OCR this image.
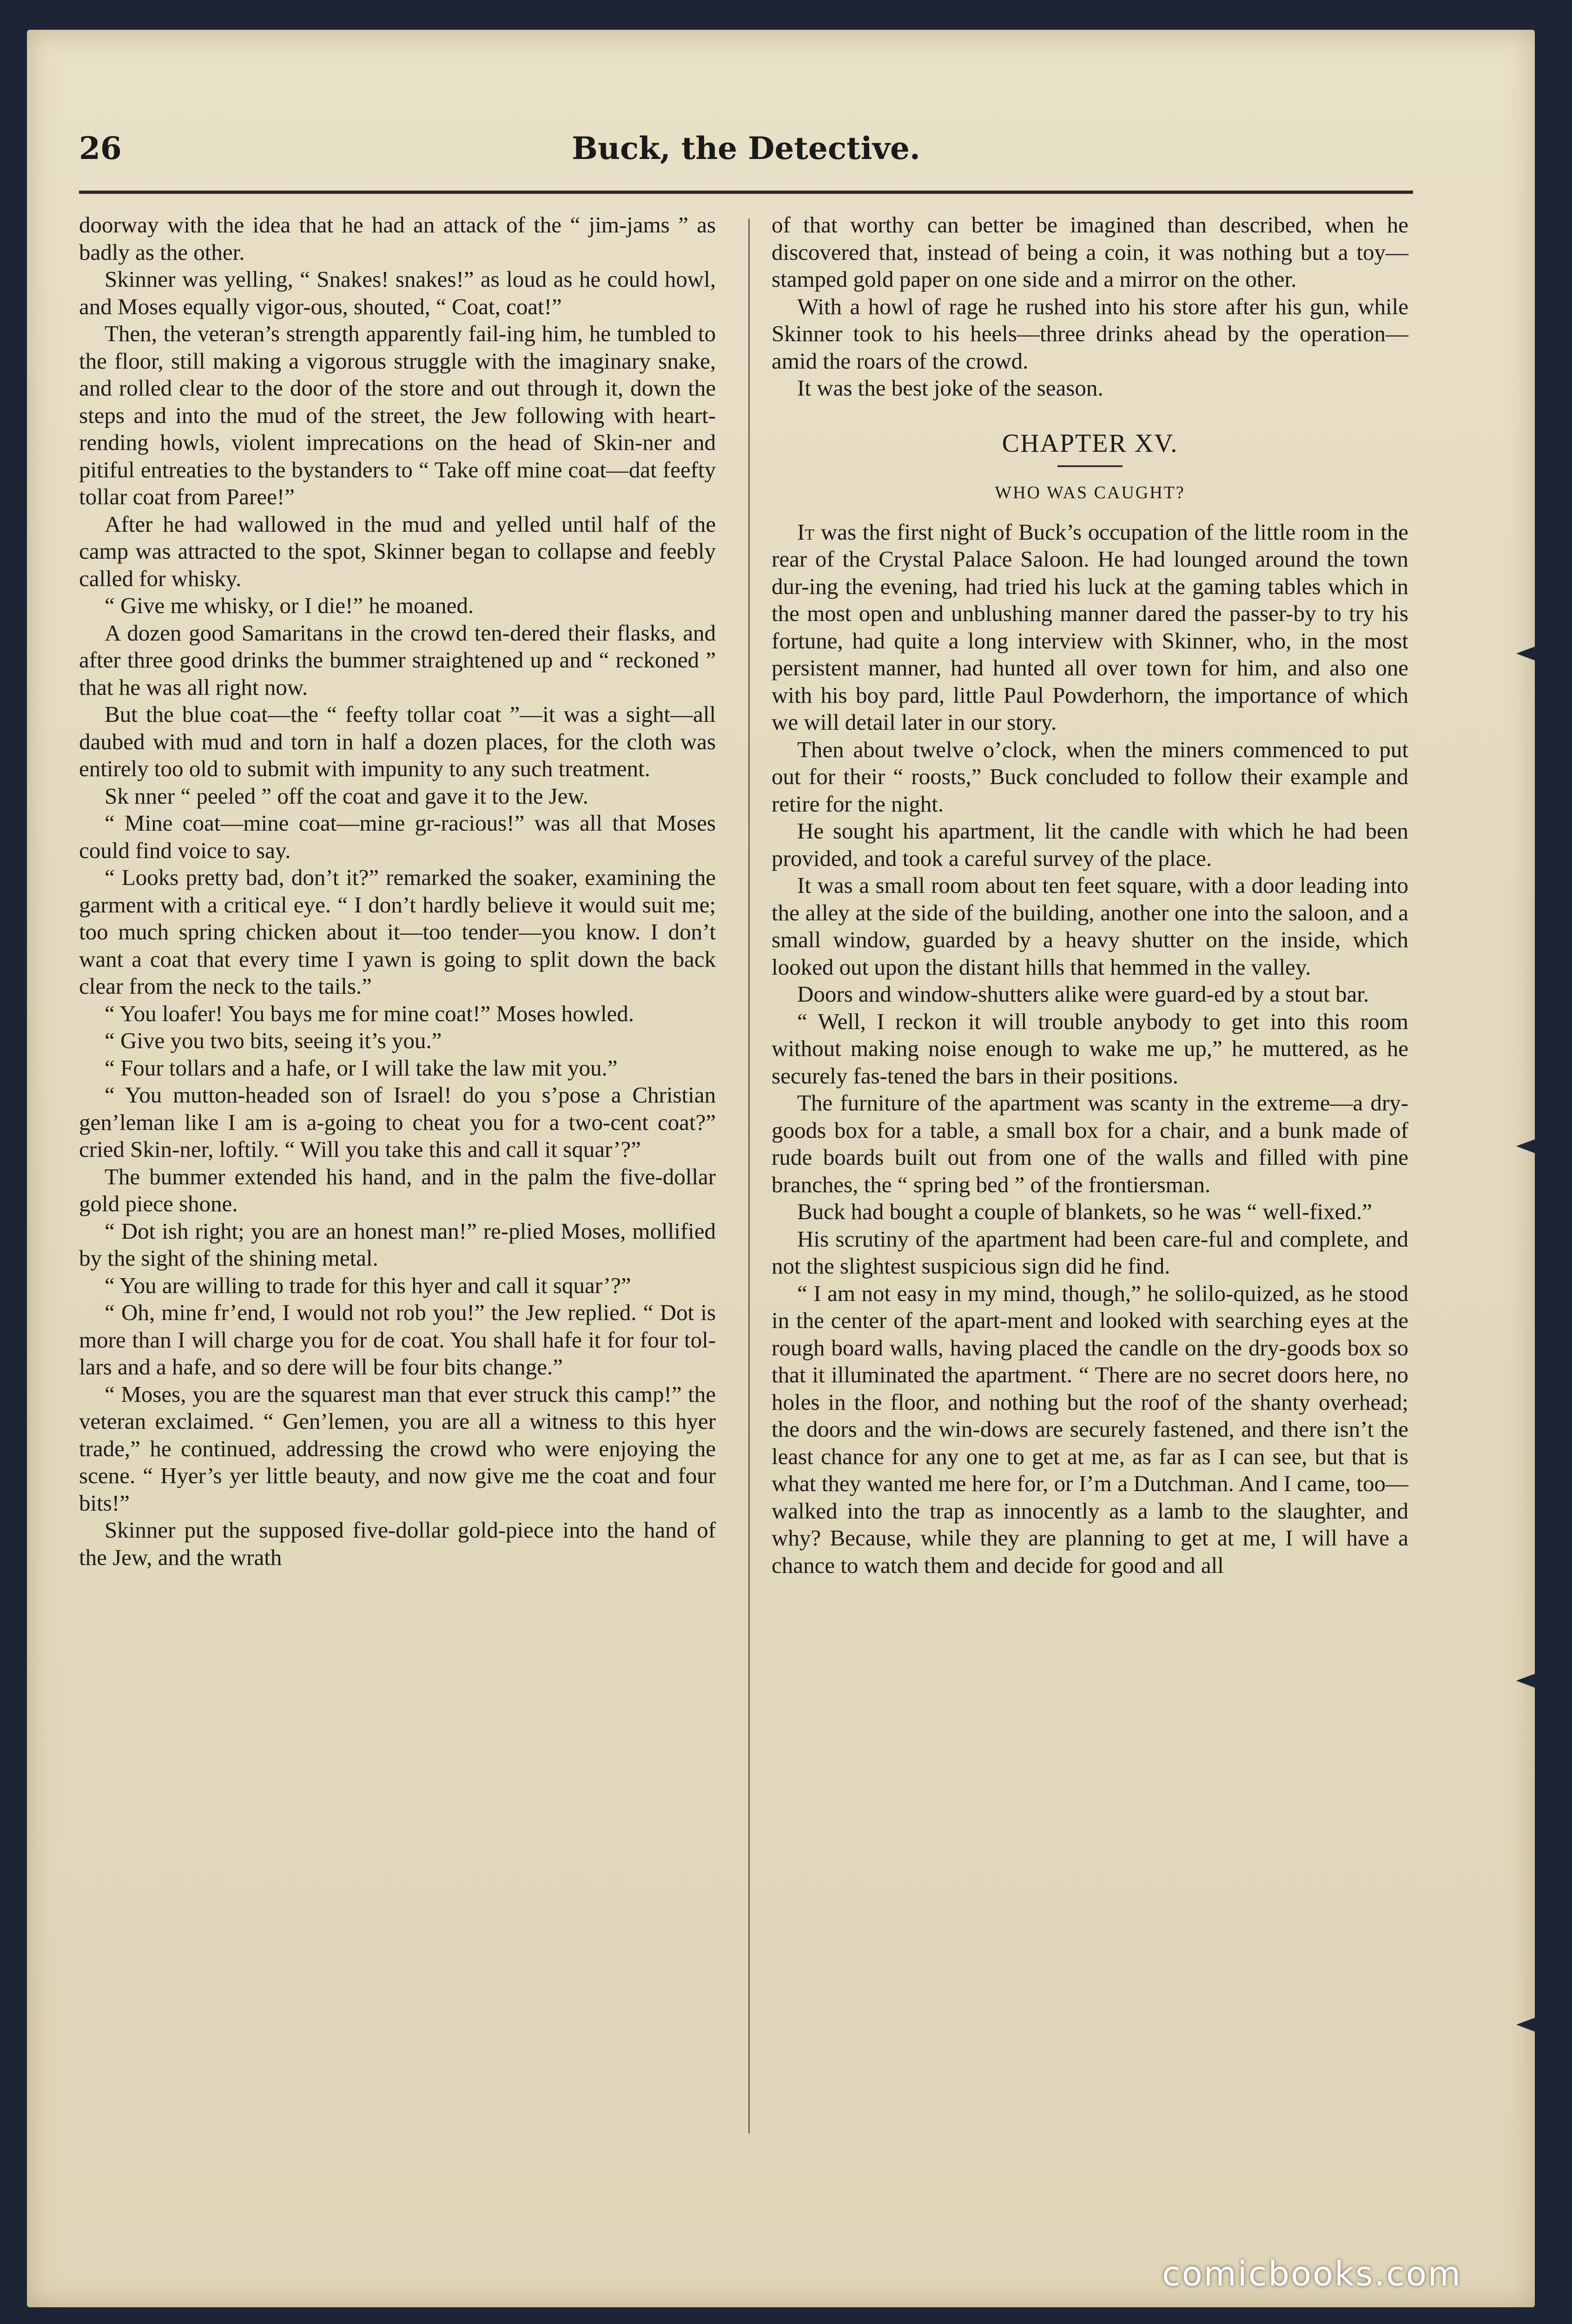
26	Buck, the Detective.

doorway with the idea that he had an attack of the “ jim-jams ” as badly as the other.

Skinner was yelling, “ Snakes! snakes!” as loud as he could howl, and Moses equally vigor-ous, shouted, “ Coat, coat!”

Then, the veteran’s strength apparently fail-ing him, he tumbled to the floor, still making a vigorous struggle with the imaginary snake, and rolled clear to the door of the store and out through it, down the steps and into the mud of the street, the Jew following with heart-rending howls, violent imprecations on the head of Skin-ner and pitiful entreaties to the bystanders to “ Take off mine coat—dat feefty tollar coat from Paree!”

After he had wallowed in the mud and yelled until half of the camp was attracted to the spot, Skinner began to collapse and feebly called for whisky.

“ Give me whisky, or I die!” he moaned.

A dozen good Samaritans in the crowd ten-dered their flasks, and after three good drinks the bummer straightened up and “ reckoned ” that he was all right now.

But the blue coat—the “ feefty tollar coat ”—it was a sight—all daubed with mud and torn in half a dozen places, for the cloth was entirely too old to submit with impunity to any such treatment.

Sk nner “ peeled ” off the coat and gave it to the Jew.

“ Mine coat—mine coat—mine gr-racious!” was all that Moses could find voice to say.

“ Looks pretty bad, don’t it?” remarked the soaker, examining the garment with a critical eye. “ I don’t hardly believe it would suit me; too much spring chicken about it—too tender—you know. I don’t want a coat that every time I yawn is going to split down the back clear from the neck to the tails.”

“ You loafer! You bays me for mine coat!” Moses howled.

“ Give you two bits, seeing it’s you.”

“ Four tollars and a hafe, or I will take the law mit you.”

“ You mutton-headed son of Israel! do you s’pose a Christian gen’leman like I am is a-going to cheat you for a two-cent coat?” cried Skin-ner, loftily. “ Will you take this and call it squar’?”

The bummer extended his hand, and in the palm the five-dollar gold piece shone.

“ Dot ish right; you are an honest man!” re-plied Moses, mollified by the sight of the shining metal.

“ You are willing to trade for this hyer and call it squar’?”

“ Oh, mine fr’end, I would not rob you!” the Jew replied. “ Dot is more than I will charge you for de coat. You shall hafe it for four tol-lars and a hafe, and so dere will be four bits change.”

“ Moses, you are the squarest man that ever struck this camp!” the veteran exclaimed. “ Gen’lemen, you are all a witness to this hyer trade,” he continued, addressing the crowd who were enjoying the scene. “ Hyer’s yer little beauty, and now give me the coat and four bits!”

Skinner put the supposed five-dollar gold-piece into the hand of the Jew, and the wrath

of that worthy can better be imagined than described, when he discovered that, instead of being a coin, it was nothing but a toy—stamped gold paper on one side and a mirror on the other.

With a howl of rage he rushed into his store after his gun, while Skinner took to his heels—three drinks ahead by the operation—amid the roars of the crowd.

It was the best joke of the season.

CHAPTER XV.
WHO WAS CAUGHT?

It was the first night of Buck’s occupation of the little room in the rear of the Crystal Palace Saloon. He had lounged around the town dur-ing the evening, had tried his luck at the gaming tables which in the most open and unblushing manner dared the passer-by to try his fortune, had quite a long interview with Skinner, who, in the most persistent manner, had hunted all over town for him, and also one with his boy pard, little Paul Powderhorn, the importance of which we will detail later in our story.

Then about twelve o’clock, when the miners commenced to put out for their “ roosts,” Buck concluded to follow their example and retire for the night.

He sought his apartment, lit the candle with which he had been provided, and took a careful survey of the place.

It was a small room about ten feet square, with a door leading into the alley at the side of the building, another one into the saloon, and a small window, guarded by a heavy shutter on the inside, which looked out upon the distant hills that hemmed in the valley.

Doors and window-shutters alike were guard-ed by a stout bar.

“ Well, I reckon it will trouble anybody to get into this room without making noise enough to wake me up,” he muttered, as he securely fas-tened the bars in their positions.

The furniture of the apartment was scanty in the extreme—a dry-goods box for a table, a small box for a chair, and a bunk made of rude boards built out from one of the walls and filled with pine branches, the “ spring bed ” of the frontiersman.

Buck had bought a couple of blankets, so he was “ well-fixed.”

His scrutiny of the apartment had been care-ful and complete, and not the slightest suspicious sign did he find.

“ I am not easy in my mind, though,” he solilo-quized, as he stood in the center of the apart-ment and looked with searching eyes at the rough board walls, having placed the candle on the dry-goods box so that it illuminated the apartment. “ There are no secret doors here, no holes in the floor, and nothing but the roof of the shanty overhead; the doors and the win-dows are securely fastened, and there isn’t the least chance for any one to get at me, as far as I can see, but that is what they wanted me here for, or I’m a Dutchman. And I came, too—walked into the trap as innocently as a lamb to the slaughter, and why? Because, while they are planning to get at me, I will have a chance to watch them and decide for good and all

comicbooks.com
